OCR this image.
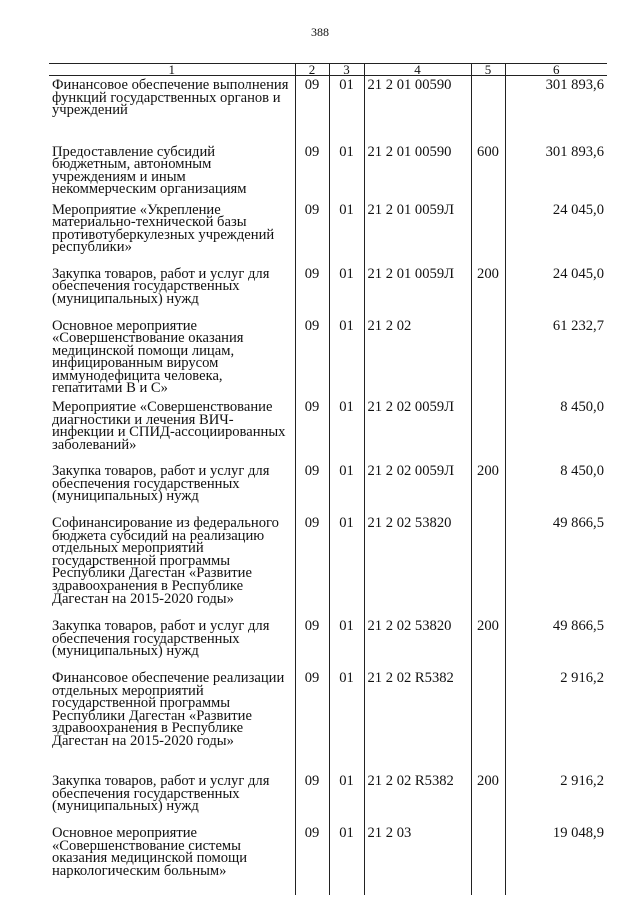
388
1	2	3	4	5	6
Финансовое обеспечение выполнения функций государственных органов и учреждений	09	01	21 2 01 00590		301 893,6
Предоставление субсидий бюджетным, автономным учреждениям и иным некоммерческим организациям	09	01	21 2 01 00590	600	301 893,6
Мероприятие «Укрепление материально-технической базы противотуберкулезных учреждений республики»	09	01	21 2 01 0059Л		24 045,0
Закупка товаров, работ и услуг для обеспечения государственных (муниципальных) нужд	09	01	21 2 01 0059Л	200	24 045,0
Основное мероприятие «Совершенствование оказания медицинской помощи лицам, инфицированным вирусом иммунодефицита человека, гепатитами В и С»	09	01	21 2 02		61 232,7
Мероприятие «Совершенствование диагностики и лечения ВИЧ-инфекции и СПИД-ассоциированных заболеваний»	09	01	21 2 02 0059Л		8 450,0
Закупка товаров, работ и услуг для обеспечения государственных (муниципальных) нужд	09	01	21 2 02 0059Л	200	8 450,0
Софинансирование из федерального бюджета субсидий на реализацию отдельных мероприятий государственной программы Республики Дагестан «Развитие здравоохранения в Республике Дагестан на 2015-2020 годы»	09	01	21 2 02 53820		49 866,5
Закупка товаров, работ и услуг для обеспечения государственных (муниципальных) нужд	09	01	21 2 02 53820	200	49 866,5
Финансовое обеспечение реализации отдельных мероприятий государственной программы Республики Дагестан «Развитие здравоохранения в Республике Дагестан на 2015-2020 годы»	09	01	21 2 02 R5382		2 916,2
Закупка товаров, работ и услуг для обеспечения государственных (муниципальных) нужд	09	01	21 2 02 R5382	200	2 916,2
Основное мероприятие «Совершенствование системы оказания медицинской помощи наркологическим больным»	09	01	21 2 03		19 048,9
